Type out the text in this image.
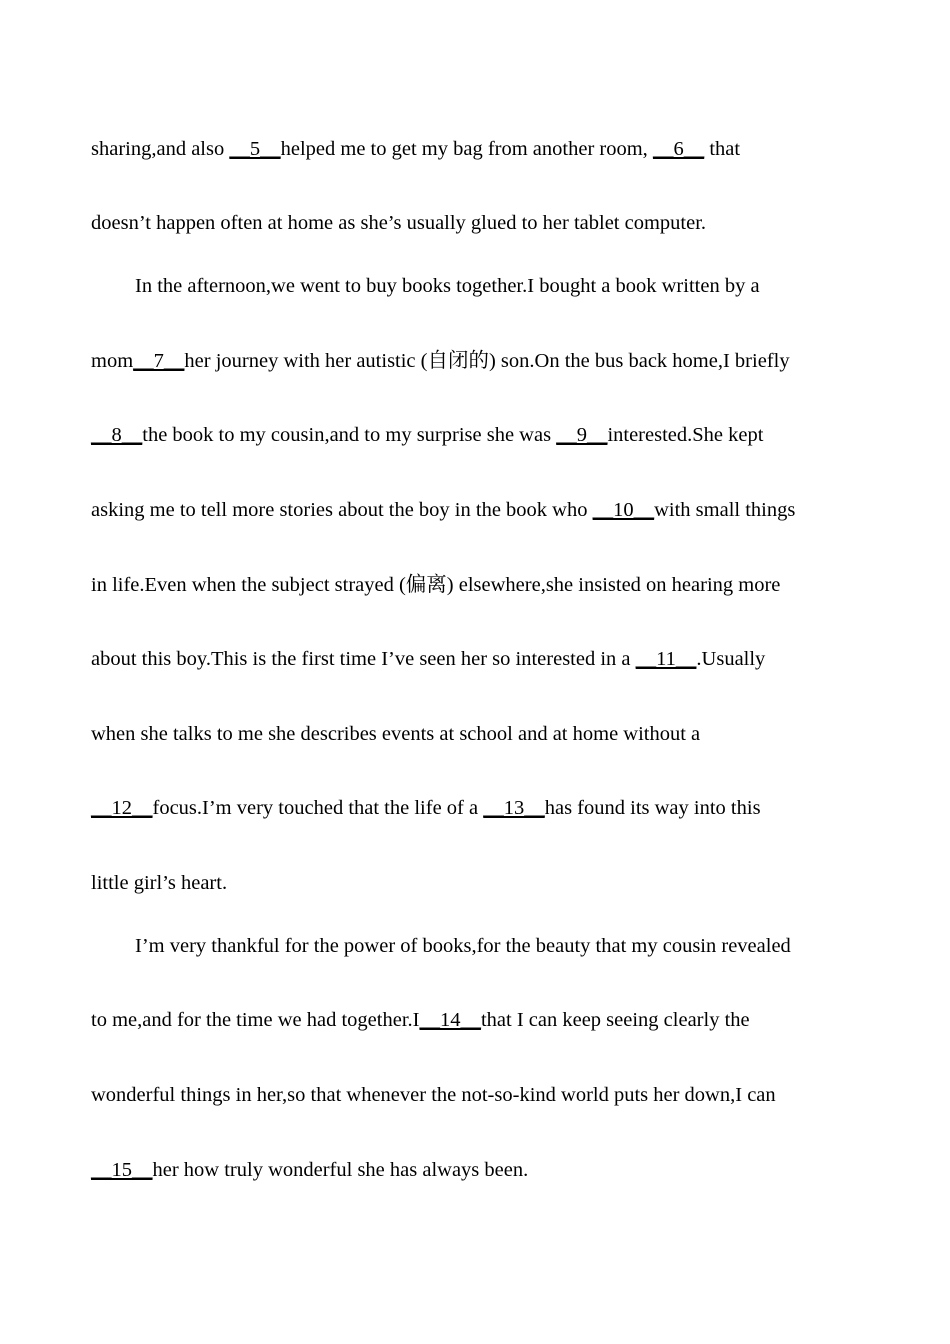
sharing,and also __5__helped me to get my bag from another room, __6__ that
doesn’t happen often at home as she’s usually glued to her tablet computer.
In the afternoon,we went to buy books together.I bought a book written by a
mom__7__her journey with her autistic (自闭的) son.On the bus back home,I briefly
__8__the book to my cousin,and to my surprise she was __9__interested.She kept
asking me to tell more stories about the boy in the book who __10__with small things
in life.Even when the subject strayed (偏离) elsewhere,she insisted on hearing more
about this boy.This is the first time I’ve seen her so interested in a __11__.Usually
when she talks to me she describes events at school and at home without a
__12__focus.I’m very touched that the life of a __13__has found its way into this
little girl’s heart.
I’m very thankful for the power of books,for the beauty that my cousin revealed
to me,and for the time we had together.I__14__that I can keep seeing clearly the
wonderful things in her,so that whenever the not-so-kind world puts her down,I can
__15__her how truly wonderful she has always been.
